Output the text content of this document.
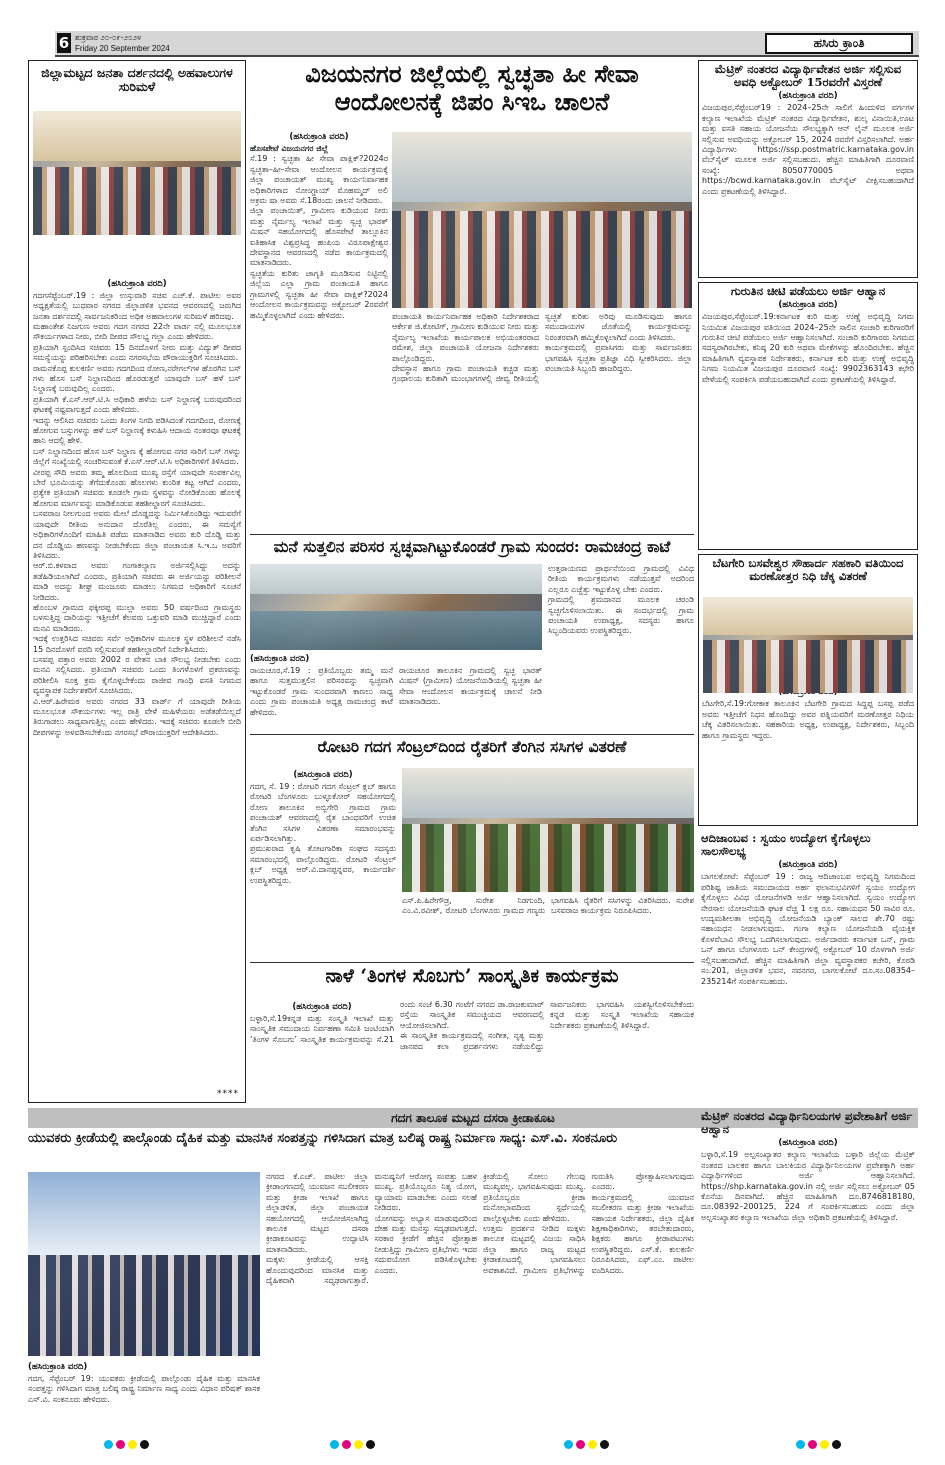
6 ಶುಕ್ರವಾರ ೨೦-೦೯-೨೦೨೪
Friday 20 September 2024	ಹಸಿರು ಕ್ರಾಂತಿ
ಜಿಲ್ಲಾಮಟ್ಟದ ಜನತಾ ದರ್ಶನದಲ್ಲಿ ಅಹವಾಲುಗಳ ಸುರಿಮಳೆ
(ಹಸಿರುಕ್ರಾಂತಿ ವರದಿ)

ಗದಗಸೆಪ್ಟೆಂಬರ್.19 : ಜಿಲ್ಲಾ ಉಸ್ತುವಾರಿ ಸಚಿವ ಎಚ್.ಕೆ. ಪಾಟೀಲ ಅವರ ಅಧ್ಯಕ್ಷತೆಯಲ್ಲಿ ಬುಧವಾರ ನಗರದ ಜಿಲ್ಲಾಡಳಿತ ಭವನದ ಆವರಣದಲ್ಲಿ ಜರುಗಿದ ಜನತಾ ದರ್ಶನದಲ್ಲಿ ಸಾರ್ವಜನಿಕರಿಂದ ಅಧಿಕ ಅಹವಾಲುಗಳ ಸುರಿಮಳೆ ಹರಿದವು.

ಮಹಾಂತೇಶ ನಿಜಗುಣ ಅವರು ಗದಗ ನಗರದ 22ನೇ ವಾರ್ಡ ನಲ್ಲಿ ಮೂಲಭೂತ ಸೌಕರ್ಯಗಳಾದ ನೀರು, ಬೀದಿ ದೀಪದ ಸೌಲಭ್ಯ ಗಲ್ಲಾ ಎಂದು ಹೇಳಿದರು.

ಪ್ರತಿಯಾಗಿ ಸ್ಪಂದಿಸಿದ ಸಚಿವರು 15 ದಿನದೊಳಗೆ ನೀರು ಮತ್ತು ವಿದ್ಯುತ್ ದೀಪದ ಸಮಸ್ಯೆಯನ್ನು ಪರಿಹರಿಸಬೇಕು ಎಂದು ನಗರಸಭೆಯ ಪೌರಾಯುಕ್ತರಿಗೆ ಸೂಚಿಸಿದರು.

ರಾಮನಕೊಪ್ಪ ಕುಲಕರ್ಣಿ ಅವರು ಗದಗದಿಂದ ರೋಣ,ನರೇಗಲ್‌ಗಳ ಹೊರಗಿನ ಬಸ್ ಗಳು ಹೊಸ ಬಸ್ ನಿಲ್ದಾಣದಿಂದ ಹೊರಡುತ್ತವೆ ಯಾವುದೇ ಬಸ್ ಹಳೆ ಬಸ್ ನಿಲ್ದಾಣಕ್ಕೆ ಬರುವುದಿಲ್ಲ ಎಂದರು.

ಪ್ರತಿಯಾಗಿ ಕೆ.ಎಸ್.ಆರ್.ಟಿ.ಸಿ ಅಧಿಕಾರಿ ಹಳೆಯ ಬಸ್ ನಿಲ್ದಾಣಕ್ಕೆ ಬರುವುದರಿಂದ ಘಟಕಕ್ಕೆ ನಷ್ಟವಾಗುತ್ತದೆ ಎಂದು ಹೇಳಿದರು.

ಇದನ್ನು ಆಲಿಸಿದ ಸಚಿವರು ಒಂದು ತಿಂಗಳ ನಿಗದಿ ಪಡಿಸಿದಂತೆ ಗದಗದಿಂದ, ರೋಣಕ್ಕೆ ಹೋಗುವ ಬಸ್ಸುಗಳನ್ನು ಹಳೆ ಬಸ್ ನಿಲ್ದಾಣಕ್ಕೆ ಕಳುಹಿಸಿ ಆದಾಯ ನಂತರವೂ ಘಟಕಕ್ಕೆ ಹಾನಿ ಆದಲ್ಲಿ ಹೇಳಿ.

ಬಸ್ ನಿಲ್ದಾಣದಿಂದ ಹೊಸ ಬಸ್ ನಿಲ್ದಾಣ ಕ್ಕೆ ಹೋಗುವ ನಗರ ಸಾರಿಗೆ ಬಸ್ ಗಳನ್ನು ಜಿಲ್ಲೆಗೆ ಸಂಖ್ಯೆಯಲ್ಲಿ ಸಂಚರಿಸುವಂತೆ ಕೆ.ಎಸ್.ಆರ್.ಟಿ.ಸಿ ಅಧಿಕಾರಿಗಳಿಗೆ ತಿಳಿಸಿದರು.

ವೀರಪ್ಪ ಸೌದಿ ಅವರು ತಮ್ಮ ಹೊಲದಿಂದ ಮುಖ್ಯ ರಸ್ತೆಗೆ ಯಾವುದೇ ಸಂಪರ್ಕವಿಲ್ಲ ಬೇರೆ ಭೂಮಿಯನ್ನು ತೆಗೆದುಕೊಂಡು ಹೊಲಗಳು ಕುಂಠಿತ ಕಟ್ಟ ಆಗಿದೆ ಎಂದರು, ಪ್ರತ್ಯೇಕ ಪ್ರತಿಯಾಗಿ ಸಚಿವರು ಕೂಡಲೇ ಗ್ರಾಮ ಸ್ಥಳವನ್ನು ನೋಡಿಕೊಂಡು ಹೊಲಕ್ಕೆ ಹೋಗುವ ಮಾರ್ಗವನ್ನು ಮಾಡಿಕೊಡುವ ತಹಶೀಲ್ದಾರಗೆ ಸೂಚಿಸಿದರು.

ಬಸವರಾಜ ನೀಲಗುಂದ ಅವರು ಮೇಲೆ ದೊಡ್ಡದನ್ನು ನಿರ್ಮಿಸಿಕೊಂಡಿದ್ದು ಇದುವರೆಗೆ ಯಾವುದೇ ರೀತಿಯ ಅನುದಾನ ದೊರೆತಿಲ್ಲ ಎಂದರು, ಈ ಸಮಸ್ಯೆಗೆ ಅಧಿಕಾರಿಗಳೊಂದಿಗೆ ಮಾಹಿತಿ ಪಡೆದು ಮಾತನಾಡಿದ ಅವರು ಕುರಿ ದೊಡ್ಡಿ ಮತ್ತು ದನ ದೊಡ್ಡಿಯ ಹಣವನ್ನು ನೀಡಬೇಕೆಂದು ಜಿಲ್ಲಾ ಪಂಚಾಯತ ಸಿ.ಇ.ಒ ಅವರಿಗೆ ತಿಳಿಸಿದರು.

ಆರ್.ಬಿ.ಕಳವಾದ ಅವರು ಗಂಗಾಕಲ್ಯಾಣ ಅರ್ಜಿಸಲ್ಲಿಸಿದ್ದು ಅದನ್ನು ತಡೆಹಿಡಿಯಲಾಗಿದೆ ಎಂದರು, ಪ್ರತಿಯಾಗಿ ಸಚಿವರು ಈ ಅರ್ಜಿಯನ್ನು ಪರಿಶೀಲನೆ ಮಾಡಿ ಅದನ್ನು ಶೀಘ್ರ ಮಂಜೂರು ಮಾಡಲು ನಿಗಮದ ಅಧಿಕಾರಿಗೆ ಸೂಚನೆ ನೀಡಿದರು.

ಹೊಂಬಳ ಗ್ರಾಮದ ಫಕ್ಕೀರಪ್ಪ ಮುಲ್ಲಾ ಅವರು 50 ವರ್ಷದಿಂದ ಗ್ರಾಮಸ್ಥರು ಬಳಸುತ್ತಿದ್ದ ದಾರಿಯನ್ನು ಇತ್ತೀಚೆಗೆ ಕೆಲವರು ಒತ್ತುವರಿ ಮಾಡಿ ಮುಚ್ಚಿದ್ದಾರೆ ಎಂದು ಮನವಿ ಮಾಡಿದರು.

ಇದಕ್ಕೆ ಉತ್ತರಿಸಿದ ಸಚಿವರು ಸರ್ವೆ ಅಧಿಕಾರಿಗಳ ಮೂಲಕ ಸ್ಥಳ ಪರಿಶೀಲನೆ ನಡೆಸಿ 15 ದಿನದೊಳಗೆ ವರದಿ ಸಲ್ಲಿಸುವಂತೆ ತಹಶೀಲ್ದಾರರಿಗೆ ನಿರ್ದೇಶಿಸಿದರು.

ಬಸವಪ್ಪ ಪತ್ತಾರ ಅವರು 2002 ರ ವೇತನ ಬಾಕಿ ಸೌಲಭ್ಯ ನೀಡಬೇಕು ಎಂದು ಮನವಿ ಸಲ್ಲಿಸಿದರು. ಪ್ರತಿಯಾಗಿ ಸಚಿವರು ಒಂದು ತಿಂಗಳೊಳಗೆ ಪ್ರಕರಣವನ್ನು ಪರಿಶೀಲಿಸಿ ಸೂಕ್ತ ಕ್ರಮ ಕೈಗೊಳ್ಳಬೇಕೆಂದು ರಾಜೀವ ಗಾಂಧಿ ವಸತಿ ನಿಗಮದ ವ್ಯವಸ್ಥಾಪಕ ನಿರ್ದೇಶಕರಿಗೆ ಸೂಚಿಸಿದರು.

ವಿ.ಆರ್.ಹಿರೇಮಠ ಅವರು ನಗರದ 33 ವಾರ್ಡ್ ಗೆ ಯಾವುದೇ ರೀತಿಯ ಮೂಲಭೂತ ಸೌಕರ್ಯಗಳು ಇಲ್ಲ ರಾತ್ರಿ ವೇಳೆ ಮಹಿಳೆಯರು ಅಡೆತಡೆಯಿಲ್ಲದೆ ತಿರುಗಾಡಲು ಸಾಧ್ಯವಾಗುತ್ತಿಲ್ಲ ಎಂದು ಹೇಳಿದರು. ಇದಕ್ಕೆ ಸಚಿವರು ಕೂಡಲೇ ಬೀದಿ ದೀಪಗಳನ್ನು ಅಳವಡಿಸಬೇಕೆಂದು ನಗರಸಭೆ ಪೌರಾಯುಕ್ತರಿಗೆ ಆದೇಶಿಸಿದರು.

****
ವಿಜಯನಗರ ಜಿಲ್ಲೆಯಲ್ಲಿ ಸ್ವಚ್ಛತಾ ಹೀ ಸೇವಾ ಆಂದೋಲನಕ್ಕೆ ಜಿಪಂ ಸಿಇಒ ಚಾಲನೆ
(ಹಸಿರುಕ್ರಾಂತಿ ವರದಿ)

ಹೊಸಪೇಟೆ ವಿಜಯನಗರ ಜಿಲ್ಲೆ

ಸೆ.19 : ಸ್ವಚ್ಛತಾ ಹೀ ಸೇವಾ ಪಾಕ್ಷಿಕ್?2024ರ ಸ್ವಚ್ಛತಾ–ಹೀ–ಸೇವಾ ಆಂದೋಲನ ಕಾರ್ಯಕ್ರಮಕ್ಕೆ ಜಿಲ್ಲಾ ಪಂಚಾಯತ್ ಮುಖ್ಯ ಕಾರ್ಯನಿರ್ವಾಹಕ ಅಧಿಕಾರಿಗಳಾದ ನೋಂಗ್ಜಾಯ್ ಮೊಹಮ್ಮದ್ ಅಲಿ ಅಕ್ರಮ ಷಾ ಅವರು ಸೆ.18ರಂದು ಚಾಲನೆ ನೀಡಿದರು.

ಜಿಲ್ಲಾ ಪಂಚಾಯಿತ್, ಗ್ರಾಮೀಣ ಕುಡಿಯುವ ನೀರು ಮತ್ತು ನೈರ್ಮಲ್ಯ ಇಲಾಖೆ ಮತ್ತು ಸ್ವಚ್ಛ ಭಾರತ್ ಮಿಷನ್ ಸಹಯೋಗದಲ್ಲಿ ಹೊಸಪೇಟೆ ತಾಲ್ಲೂಕಿನ ಐತಿಹಾಸಿಕ ವಿಶ್ವಪ್ರಸಿದ್ಧ ಹಂಪಿಯ ವಿರೂಪಾಕ್ಷೇಶ್ವರ ದೇವಸ್ಥಾನದ ಆವರಣದಲ್ಲಿ ನಡೆದ ಕಾರ್ಯಕ್ರಮದಲ್ಲಿ ಮಾತನಾಡಿದರು.

ಸ್ವಚ್ಛತೆಯ ಕುರಿತು ಜಾಗೃತಿ ಮೂಡಿಸುವ ನಿಟ್ಟಿನಲ್ಲಿ ಜಿಲ್ಲೆಯ ಎಲ್ಲಾ ಗ್ರಾಮ ಪಂಚಾಯತಿ ಹಾಗೂ ಗ್ರಾಮಗಳಲ್ಲಿ ಸ್ವಚ್ಛತಾ ಹೀ ಸೇವಾ ಪಾಕ್ಷಿಕ್?2024 ಆಂದೋಲನ ಕಾರ್ಯಕ್ರಮವನ್ನು ಅಕ್ಟೋಬರ್ 2ರವರೆಗೆ ಹಮ್ಮಿಕೊಳ್ಳಲಾಗಿದೆ ಎಂದು ಹೇಳಿದರು.	ಪಂಚಾಯತಿ ಕಾರ್ಯನಿರ್ವಾಹಕ ಅಧಿಕಾರಿ ನಿರ್ದೇಶಕರಾದ ಆರ್ಕೇಶ ಜಿ.ಕೋಟಿಗ್, ಗ್ರಾಮೀಣ ಕುಡಿಯುವ ನೀರು ಮತ್ತು ನೈರ್ಮಲ್ಯ ಇಲಾಖೆಯ ಕಾರ್ಯಪಾಲಕ ಅಭಿಯಂತರರಾದ ರಮೇಶ, ಜಿಲ್ಲಾ ಪಂಚಾಯತಿ ಯೋಜನಾ ನಿರ್ದೇಶಕರು ಪಾಲ್ಗೊಂಡಿದ್ದರು.

ದೇವಸ್ಥಾನ ಹಾಗೂ ಗ್ರಾಮ ಪಂಚಾಯತಿ ಕಚ್ಚಡ ಮತ್ತು ಗ್ರಂಥಾಲಯ ಕುರಿತಾಗಿ ಮುಂಭಾಗಗಳಲ್ಲಿ ಜೀವ್ವ ರೀತಿಯಲ್ಲಿ ಸ್ವಚ್ಛತೆ ಕುರಿತು ಅರಿವು ಮೂಡಿಸುವುದು ಹಾಗೂ ಸಮುದಾಯಗಳ ಜೊತೆಯಲ್ಲಿ ಕಾರ್ಯಕ್ರಮವನ್ನು ನಿರಂತರವಾಗಿ ಹಮ್ಮಿಕೊಳ್ಳಲಾಗಿದೆ ಎಂದು ತಿಳಿಸಿದರು.

ಕಾರ್ಯಕ್ರಮದಲ್ಲಿ ಪ್ರವಾಸಿಗರು ಮತ್ತು ಸಾರ್ವಜನಿಕರು ಭಾಗವಹಿಸಿ ಸ್ವಚ್ಛತಾ ಪ್ರತಿಜ್ಞಾ ವಿಧಿ ಸ್ವೀಕರಿಸಿದರು. ಜಿಲ್ಲಾ ಪಂಚಾಯತಿ ಸಿಬ್ಬಂದಿ ಹಾಜರಿದ್ದರು.

ಮನೆ ಸುತ್ತಲಿನ ಪರಿಸರ ಸ್ವಚ್ಛವಾಗಿಟ್ಟುಕೊಂಡರೆ ಗ್ರಾಮ ಸುಂದರ: ರಾಮಚಂದ್ರ ಕಾಟೆ

ಉತ್ತರಾಯಣದ ಪ್ರಾರ್ಥನೆಯಿಂದ ಗ್ರಾಮದಲ್ಲಿ ವಿವಿಧ ರೀತಿಯ ಕಾರ್ಯಕ್ರಮಗಳು ನಡೆಯುತ್ತವೆ ಅದರಿಂದ ಎಲ್ಲರೂ ಎಚ್ಚೆತ್ತು ಇಟ್ಟುಕೊಳ್ಳ ಬೇಕು ಎಂದರು.

ಗ್ರಾಮದಲ್ಲಿ ಶ್ರಮದಾನದ ಮೂಲಕ ಚರಂಡಿ ಸ್ವಚ್ಛಗೊಳಿಸಲಾಯಿತು. ಈ ಸಂದರ್ಭದಲ್ಲಿ ಗ್ರಾಮ ಪಂಚಾಯತಿ ಉಪಾಧ್ಯಕ್ಷ, ಸದಸ್ಯರು ಹಾಗೂ ಸಿಬ್ಬಂದಿಯವರು ಉಪಸ್ಥಿತರಿದ್ದರು.

(ಹಸಿರುಕ್ರಾಂತಿ ವರದಿ)

ರಾಯಚೂರ,ಸೆ.19 : ಪ್ರತಿಯೊಬ್ಬರು ತಮ್ಮ ಮನೆ ಹಾಗೂ ಸುತ್ತಮುತ್ತಲಿನ ಪರಿಸರವನ್ನು ಸ್ವಚ್ಛವಾಗಿ ಇಟ್ಟುಕೊಂಡರೆ ಗ್ರಾಮ ಸುಂದರವಾಗಿ ಕಾಣಲು ಸಾಧ್ಯ ಎಂದು ಗ್ರಾಮ ಪಂಚಾಯತಿ ಅಧ್ಯಕ್ಷ ರಾಮಚಂದ್ರ ಕಾಟೆ ಹೇಳಿದರು.

ರಾಯಚೂರ ತಾಲೂಕಿನ ಗ್ರಾಮದಲ್ಲಿ ಸ್ವಚ್ಛ ಭಾರತ್ ಮಿಷನ್ (ಗ್ರಾಮೀಣ) ಯೋಜನೆಯಡಿಯಲ್ಲಿ ಸ್ವಚ್ಛತಾ ಹೀ ಸೇವಾ ಆಂದೋಲನ ಕಾರ್ಯಕ್ರಮಕ್ಕೆ ಚಾಲನೆ ನೀಡಿ ಮಾತನಾಡಿದರು.

ರೋಟರಿ ಗದಗ ಸೆಂಟ್ರಲ್‌ದಿಂದ ರೈತರಿಗೆ ತೆಂಗಿನ ಸಸಿಗಳ ವಿತರಣೆ
(ಹಸಿರುಕ್ರಾಂತಿ ವರದಿ)

ಗದಗ, ಸೆ. 19 : ರೋಟರಿ ಗದಗ ಸೆಂಟ್ರಲ್ ಕ್ಲಬ್ ಹಾಗೂ ರೋಟರಿ ಬೆಂಗಳೂರು ಬುಳ್ಳೂಕೋರ್ ಸಹಯೋಗದಲ್ಲಿ ರೋಣ ತಾಲೂಕಿನ ಅಬ್ಬಿಗೇರಿ ಗ್ರಾಮದ ಗ್ರಾಮ ಪಂಚಾಯತ್ ಆವರಣದಲ್ಲಿ ರೈತ ಬಾಂಧವರಿಗೆ ಉಚಿತ ತೆಂಗಿನ ಸಸಿಗಳ ವಿತರಣಾ ಸಮಾರಂಭವನ್ನು ಏರ್ಪಡಿಸಲಾಗಿತ್ತು.

ಪ್ರಮುಖರಾದ ಕೃಷಿ ತೋಟಗಾರಿಕಾ ಸಂಘದ ಸದಸ್ಯರು ಸಮಾರಂಭದಲ್ಲಿ ಪಾಲ್ಗೊಂಡಿದ್ದರು. ರೋಟರಿ ಸೆಂಟ್ರಲ್ ಕ್ಲಬ್ ಅಧ್ಯಕ್ಷ ಆರ್.ವಿ.ದಾನಪ್ಪನ್ನವರ, ಕಾರ್ಯದರ್ಶಿ ಉಪಸ್ಥಿತರಿದ್ದರು.

ಎಸ್.ಪಿ.ಹಿರೇಗೌಡ್ರ, ಸುರೇಶ ನಿಡಗುಂದಿ, ಎಂ.ವಿ.ರವೀಶ್, ರೋಟರಿ ಬೆಂಗಳೂರು ಗ್ರಾಮದ ಗಣ್ಯರು ಭಾಗವಹಿಸಿ ರೈತರಿಗೆ ಸಸಿಗಳನ್ನು ವಿತರಿಸಿದರು. ಸುರೇಶ ಬಸವರಾಜ ಕಾರ್ಯಕ್ರಮ ನಿರೂಪಿಸಿದರು.

ನಾಳೆ ‘ತಿಂಗಳ ಸೊಬಗು’ ಸಾಂಸ್ಕೃತಿಕ ಕಾರ್ಯಕ್ರಮ
(ಹಸಿರುಕ್ರಾಂತಿ ವರದಿ)

ಬಳ್ಳಾರಿ,ಸೆ.19ಕನ್ನಡ ಮತ್ತು ಸಂಸ್ಕೃತಿ ಇಲಾಖೆ ಮತ್ತು ಸಾಂಸ್ಕೃತಿಕ ಸಮುದಾಯ ನಿರ್ವಹಣಾ ಸಮಿತಿ ಜಂಟಿಯಾಗಿ ‘ತಿಂಗಳ ಸೊಬಗು’ ಸಾಂಸ್ಕೃತಿಕ ಕಾರ್ಯಕ್ರಮವನ್ನು ಸೆ.21 ರಂದು ಸಂಜೆ 6.30 ಗಂಟೆಗೆ ನಗರದ ಡಾ.ರಾಜಕುಮಾರ್ ರಸ್ತೆಯ ಸಾಂಸ್ಕೃತಿಕ ಸಮುಚ್ಚಯದ ಆವರಣದಲ್ಲಿ ಆಯೋಜಿಸಲಾಗಿದೆ.

ಈ ಸಾಂಸ್ಕೃತಿಕ ಕಾರ್ಯಕ್ರಮದಲ್ಲಿ ಸಂಗೀತ, ನೃತ್ಯ ಮತ್ತು ಜಾನಪದ ಕಲಾ ಪ್ರದರ್ಶನಗಳು ನಡೆಯಲಿದ್ದು ಸಾರ್ವಜನಿಕರು ಭಾಗವಹಿಸಿ ಯಶಸ್ವಿಗೊಳಿಸಬೇಕೆಂದು ಕನ್ನಡ ಮತ್ತು ಸಂಸ್ಕೃತಿ ಇಲಾಖೆಯ ಸಹಾಯಕ ನಿರ್ದೇಶಕರು ಪ್ರಕಟಣೆಯಲ್ಲಿ ತಿಳಿಸಿದ್ದಾರೆ.

ಮೆಟ್ರಿಕ್ ನಂತರದ ವಿದ್ಯಾರ್ಥಿವೇತನ ಅರ್ಜಿ ಸಲ್ಲಿಸುವ ಅವಧಿ ಅಕ್ಟೋಬರ್ 15ರವರೆಗೆ ವಿಸ್ತರಣೆ
(ಹಸಿರುಕ್ರಾಂತಿ ವರದಿ)
ವಿಜಯಪುರ,ಸೆಪ್ಟೆಂಬರ್19 : 2024–25ನೇ ಸಾಲಿಗೆ ಹಿಂದುಳಿದ ವರ್ಗಗಳ ಕಲ್ಯಾಣ ಇಲಾಖೆಯ ಮೆಟ್ರಿಕ್ ನಂತರದ ವಿದ್ಯಾರ್ಥಿವೇತನ, ಶುಲ್ಕ ವಿನಾಯಿತಿ,ಊಟ ಮತ್ತು ವಸತಿ ಸಹಾಯ ಯೋಜನೆಯ ಸೌಲಭ್ಯಕ್ಕಾಗಿ ಆನ್ ಲೈನ್ ಮೂಲಕ ಅರ್ಜಿ ಸಲ್ಲಿಸುವ ಅವಧಿಯನ್ನು ಅಕ್ಟೋಬರ್ 15, 2024 ರವರೆಗೆ ವಿಸ್ತರಿಸಲಾಗಿದೆ. ಅರ್ಹ ವಿದ್ಯಾರ್ಥಿಗಳು https://ssp.postmatric.karnataka.gov.in ವೆಬ್‌ಸೈಟ್ ಮೂಲಕ ಅರ್ಜಿ ಸಲ್ಲಿಸಬಹುದು. ಹೆಚ್ಚಿನ ಮಾಹಿತಿಗಾಗಿ ದೂರವಾಣಿ ಸಂಖ್ಯೆ: 8050770005 ಅಥವಾ https://bcwd.karnataka.gov.in ವೆಬ್‌ಸೈಟ್ ವೀಕ್ಷಿಸಬಹುದಾಗಿದೆ ಎಂದು ಪ್ರಕಟಣೆಯಲ್ಲಿ ತಿಳಿಸಿದ್ದಾರೆ.
ಗುರುತಿನ ಚೀಟಿ ಪಡೆಯಲು ಅರ್ಜಿ ಆಹ್ವಾನ
(ಹಸಿರುಕ್ರಾಂತಿ ವರದಿ)
ವಿಜಯಪುರ,ಸೆಪ್ಟೆಂಬರ್.19:ಕರ್ನಾಟಕ ಕುರಿ ಮತ್ತು ಉಣ್ಣೆ ಅಭಿವೃದ್ಧಿ ನಿಗಮ ನಿಯಮಿತ ವಿಜಯಪುರ ವತಿಯಿಂದ 2024–25ನೇ ಸಾಲಿನ ಸಂಚಾರಿ ಕುರಿಗಾರರಿಗೆ ಗುರುತಿನ ಚೀಟಿ ಪಡೆಯಲು ಅರ್ಜಿ ಆಹ್ವಾನಿಸಲಾಗಿದೆ. ಸಂಚಾರಿ ಕುರಿಗಾರರು ನಿಗಮದ ಸದಸ್ಯರಾಗಿರಬೇಕು, ಕನಿಷ್ಠ 20 ಕುರಿ ಅಥವಾ ಮೇಕೆಗಳನ್ನು ಹೊಂದಿರಬೇಕು. ಹೆಚ್ಚಿನ ಮಾಹಿತಿಗಾಗಿ ವ್ಯವಸ್ಥಾಪಕ ನಿರ್ದೇಶಕರು, ಕರ್ನಾಟಕ ಕುರಿ ಮತ್ತು ಉಣ್ಣೆ ಅಭಿವೃದ್ಧಿ ನಿಗಮ ನಿಯಮಿತ ವಿಜಯಪುರ ದೂರವಾಣಿ ಸಂಖ್ಯೆ: 9902363143 ಕಛೇರಿ ವೇಳೆಯಲ್ಲಿ ಸಂಪರ್ಕಿಸಿ ಪಡೆಯಬಹುದಾಗಿದೆ ಎಂದು ಪ್ರಕಟಣೆಯಲ್ಲಿ ತಿಳಿಸಿದ್ದಾರೆ.
ಬೆಟಗೇರಿ ಬಸವೇಶ್ವರ ಸೌಹಾರ್ದ ಸಹಕಾರಿ ವತಿಯಿಂದ ಮರಣೋತ್ತರ ನಿಧಿ ಚೆಕ್ಕ ವಿತರಣೆ
ಬೆಟಗೇರಿ,ಸೆ.19:ಗೋಕಾಕ ತಾಲೂಕಿನ ಬೆಟಗೇರಿ ಗ್ರಾಮದ ಸಿದ್ದಪ್ಪ ಬಸಪ್ಪ ಪಡೆದ ಅವರು ಇತ್ತೀಚೆಗೆ ನಿಧನ ಹೊಂದಿದ್ದು ಅವರ ಪತ್ನಿಯವರಿಗೆ ಮರಣೋತ್ತರ ನಿಧಿಯ ಚೆಕ್ಕ ವಿತರಿಸಲಾಯಿತು. ಸಹಕಾರಿಯ ಅಧ್ಯಕ್ಷ, ಉಪಾಧ್ಯಕ್ಷ, ನಿರ್ದೇಶಕರು, ಸಿಬ್ಬಂದಿ ಹಾಗೂ ಗ್ರಾಮಸ್ಥರು ಇದ್ದರು.
ಆದಿಜಾಂಬವ : ಸ್ವಯಂ ಉದ್ಯೋಗ ಕೈಗೊಳ್ಳಲು ಸಾಲಸೌಲಭ್ಯ
(ಹಸಿರುಕ್ರಾಂತಿ ವರದಿ)
ಬಾಗಲಕೋಟೆ: ಸೆಪ್ಟೆಂಬರ್ 19 : ರಾಜ್ಯ ಆದಿಜಾಂಬವ ಅಭಿವೃದ್ಧಿ ನಿಗಮದಿಂದ ಪರಿಶಿಷ್ಟ ಜಾತಿಯ ಸಮುದಾಯದ ಅರ್ಹ ಫಲಾನುಭವಿಗಳಿಗೆ ಸ್ವಯಂ ಉದ್ಯೋಗ ಕೈಗೊಳ್ಳಲು ವಿವಿಧ ಯೋಜನೆಗಳಡಿ ಅರ್ಜಿ ಆಹ್ವಾನಿಸಲಾಗಿದೆ. ಸ್ವಯಂ ಉದ್ಯೋಗ ನೇರಸಾಲ ಯೋಜನೆಯಡಿ ಘಟಕ ವೆಚ್ಚ 1 ಲಕ್ಷ ರೂ. ಸಹಾಯಧನ 50 ಸಾವಿರ ರೂ. ಉದ್ಯಮಶೀಲತಾ ಅಭಿವೃದ್ಧಿ ಯೋಜನೆಯಡಿ ಬ್ಯಾಂಕ್ ಸಾಲದ ಶೇ.70 ರಷ್ಟು ಸಹಾಯಧನ ನೀಡಲಾಗುವುದು. ಗಂಗಾ ಕಲ್ಯಾಣ ಯೋಜನೆಯಡಿ ವೈಯಕ್ತಿಕ ಕೊಳವೆಬಾವಿ ಸೌಲಭ್ಯ ಒದಗಿಸಲಾಗುವುದು. ಅರ್ಜಿದಾರರು ಕರ್ನಾಟಕ ಒನ್, ಗ್ರಾಮ ಒನ್ ಹಾಗೂ ಬೆಂಗಳೂರು ಒನ್ ಕೇಂದ್ರಗಳಲ್ಲಿ ಅಕ್ಟೋಬರ್ 10 ರೊಳಗಾಗಿ ಅರ್ಜಿ ಸಲ್ಲಿಸಬಹುದಾಗಿದೆ. ಹೆಚ್ಚಿನ ಮಾಹಿತಿಗಾಗಿ ಜಿಲ್ಲಾ ವ್ಯವಸ್ಥಾಪಕರ ಕಚೇರಿ, ಕೊಠಡಿ ಸಂ.201, ಜಿಲ್ಲಾಡಳಿತ ಭವನ, ನವನಗರ, ಬಾಗಲಕೋಟೆ ದೂ.ಸಂ.08354–235214ಗೆ ಸಂಪರ್ಕಿಸಬಹುದು.
ಗದಗ ತಾಲೂಕ ಮಟ್ಟದ ದಸರಾ ಕ್ರೀಡಾಕೂಟ
ಯುವಕರು ಕ್ರೀಡೆಯಲ್ಲಿ ಪಾಲ್ಗೊಂಡು ದೈಹಿಕ ಮತ್ತು ಮಾನಸಿಕ ಸಂಪತ್ತನ್ನು ಗಳಿಸಿದಾಗ ಮಾತ್ರ ಬಲಿಷ್ಠ ರಾಷ್ಟ್ರ ನಿರ್ಮಾಣ ಸಾಧ್ಯ: ಎಸ್.ವಿ. ಸಂಕನೂರು
(ಹಸಿರುಕ್ರಾಂತಿ ವರದಿ)
ಗದಗ, ಸೆಪ್ಟೆಂಬರ್ 19: ಯುವಕರು ಕ್ರೀಡೆಯಲ್ಲಿ ಪಾಲ್ಗೊಂಡು ದೈಹಿಕ ಮತ್ತು ಮಾನಸಿಕ ಸಂಪತ್ತನ್ನು ಗಳಿಸಿದಾಗ ಮಾತ್ರ ಬಲಿಷ್ಠ ರಾಷ್ಟ್ರ ನಿರ್ಮಾಣ ಸಾಧ್ಯ ಎಂದು ವಿಧಾನ ಪರಿಷತ್ ಶಾಸಕ ಎಸ್.ವಿ. ಸಂಕನೂರು ಹೇಳಿದರು.

ನಗರದ ಕೆ.ಎಚ್. ಪಾಟೀಲ ಜಿಲ್ಲಾ ಕ್ರೀಡಾಂಗಣದಲ್ಲಿ ಯುವಜನ ಸಬಲೀಕರಣ ಮತ್ತು ಕ್ರೀಡಾ ಇಲಾಖೆ ಹಾಗೂ ಜಿಲ್ಲಾಡಳಿತ, ಜಿಲ್ಲಾ ಪಂಚಾಯತ ಸಹಯೋಗದಲ್ಲಿ ಆಯೋಜಿಸಲಾಗಿದ್ದ ತಾಲೂಕ ಮಟ್ಟದ ದಸರಾ ಕ್ರೀಡಾಕೂಟವನ್ನು ಉದ್ಘಾಟಿಸಿ ಮಾತನಾಡಿದರು.

ಮಕ್ಕಳು ಕ್ರೀಡೆಯಲ್ಲಿ ಆಸಕ್ತಿ ಹೊಂದುವುದರಿಂದ ಮಾನಸಿಕ ಮತ್ತು ದೈಹಿಕವಾಗಿ ಸದೃಢರಾಗುತ್ತಾರೆ. ಮನುಷ್ಯನಿಗೆ ಆರೋಗ್ಯ ಸಂಪತ್ತು ಬಹಳ ಮುಖ್ಯ. ಪ್ರತಿಯೊಬ್ಬರೂ ನಿತ್ಯ ಯೋಗ, ವ್ಯಾಯಾಮ ಮಾಡಬೇಕು ಎಂದು ಸಲಹೆ ನೀಡಿದರು.

ಯೋಗವನ್ನು ಅಭ್ಯಾಸ ಮಾಡುವುದರಿಂದ ದೇಹ ಮತ್ತು ಮನಸ್ಸು ಸದೃಢವಾಗುತ್ತದೆ. ಸರಕಾರ ಕ್ರೀಡೆಗೆ ಹೆಚ್ಚಿನ ಪ್ರೋತ್ಸಾಹ ನೀಡುತ್ತಿದ್ದು ಗ್ರಾಮೀಣ ಪ್ರತಿಭೆಗಳು ಇದರ ಸದುಪಯೋಗ ಪಡಿಸಿಕೊಳ್ಳಬೇಕು ಎಂದರು.

ಕ್ರೀಡೆಯಲ್ಲಿ ಸೋಲು ಗೆಲುವು ಮುಖ್ಯವಲ್ಲ. ಭಾಗವಹಿಸುವುದು ಮುಖ್ಯ. ಪ್ರತಿಯೊಬ್ಬರೂ ಕ್ರೀಡಾ ಮನೋಭಾವದಿಂದ ಸ್ಪರ್ಧೆಯಲ್ಲಿ ಪಾಲ್ಗೊಳ್ಳಬೇಕು ಎಂದು ಹೇಳಿದರು.

ಉತ್ತಮ ಪ್ರದರ್ಶನ ನೀಡಿದ ಮಕ್ಕಳು ತಾಲೂಕ ಮಟ್ಟದಲ್ಲಿ ವಿಜಯ ಸಾಧಿಸಿ ಜಿಲ್ಲಾ ಹಾಗೂ ರಾಜ್ಯ ಮಟ್ಟದ ಕ್ರೀಡಾಕೂಟದಲ್ಲಿ ಭಾಗವಹಿಸಲು ಅವಕಾಶವಿದೆ. ಗ್ರಾಮೀಣ ಪ್ರತಿಭೆಗಳನ್ನು ಗುರುತಿಸಿ ಪ್ರೋತ್ಸಾಹಿಸಲಾಗುವುದು ಎಂದರು.

ಕಾರ್ಯಕ್ರಮದಲ್ಲಿ ಯುವಜನ ಸಬಲೀಕರಣ ಮತ್ತು ಕ್ರೀಡಾ ಇಲಾಖೆಯ ಸಹಾಯಕ ನಿರ್ದೇಶಕರು, ಜಿಲ್ಲಾ ದೈಹಿಕ ಶಿಕ್ಷಣಾಧಿಕಾರಿಗಳು, ತರಬೇತುದಾರರು, ಶಿಕ್ಷಕರು ಹಾಗೂ ಕ್ರೀಡಾಪಟುಗಳು ಉಪಸ್ಥಿತರಿದ್ದರು. ಎಸ್.ಕೆ. ಕುಲಕರ್ಣಿ ನಿರೂಪಿಸಿದರು, ಎಫ್.ಎಂ. ಪಾಟೀಲ ವಂದಿಸಿದರು.

ಮೆಟ್ರಿಕ್ ನಂತರದ ವಿದ್ಯಾರ್ಥಿನಿಲಯಗಳ ಪ್ರವೇಶಾತಿಗೆ ಅರ್ಜಿ ಆಹ್ವಾನ
(ಹಸಿರುಕ್ರಾಂತಿ ವರದಿ)
ಬಳ್ಳಾರಿ,ಸೆ.19 ಅಲ್ಪಸಂಖ್ಯಾತರ ಕಲ್ಯಾಣ ಇಲಾಖೆಯ ಬಳ್ಳಾರಿ ಜಿಲ್ಲೆಯ ಮೆಟ್ರಿಕ್ ನಂತರದ ಬಾಲಕರ ಹಾಗೂ ಬಾಲಕಿಯರ ವಿದ್ಯಾರ್ಥಿನಿಲಯಗಳ ಪ್ರವೇಶಕ್ಕಾಗಿ ಅರ್ಹ ವಿದ್ಯಾರ್ಥಿಗಳಿಂದ ಅರ್ಜಿ ಆಹ್ವಾನಿಸಲಾಗಿದೆ. https://shp.karnataka.gov.in ನಲ್ಲಿ ಅರ್ಜಿ ಸಲ್ಲಿಸಲು ಅಕ್ಟೋಬರ್ 05 ಕೊನೆಯ ದಿನವಾಗಿದೆ. ಹೆಚ್ಚಿನ ಮಾಹಿತಿಗಾಗಿ ದೂ.8746818180, ದೂ.08392–200125, 224 ಗೆ ಸಂಪರ್ಕಿಸಬಹುದು ಎಂದು ಜಿಲ್ಲಾ ಅಲ್ಪಸಂಖ್ಯಾತರ ಕಲ್ಯಾಣ ಇಲಾಖೆಯ ಜಿಲ್ಲಾ ಅಧಿಕಾರಿ ಪ್ರಕಟಣೆಯಲ್ಲಿ ತಿಳಿಸಿದ್ದಾರೆ.
